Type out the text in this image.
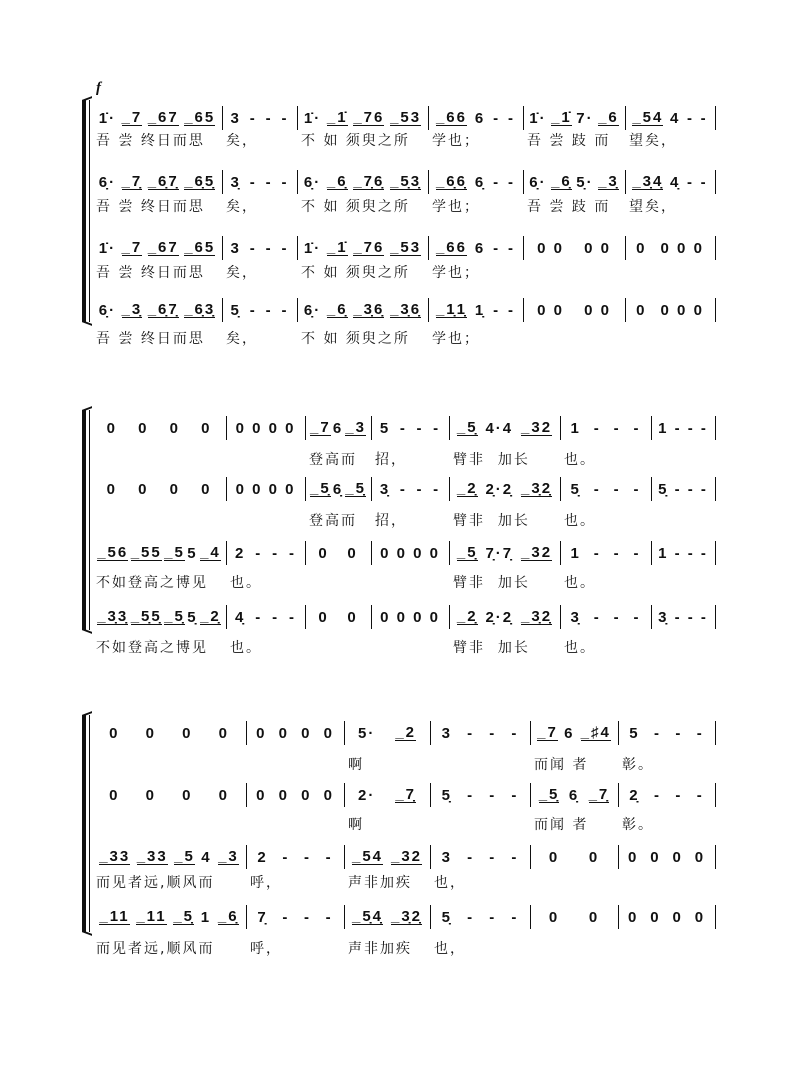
f
1̇· _7 _67 _65
吾 尝 终日而思
3 - - -
矣，
1̇· _1̇ _76 _53
不 如 须臾之所
_66 6 - -
学也；
1̇· _1̇ 7· _6
吾 尝 跂 而
_54 4 - -
望矣，
6̣· _7̣ _6̣7̣ _6̣5̣
吾 尝 终日而思
3̣ - - -
矣，
6̣· _6̣ _7̣6̣ _5̣3̣
不 如 须臾之所
_6̣6̣ 6̣ - -
学也；
6̣· _6̣ 5̣· _3̣
吾 尝 跂 而
_3̣4̣ 4̣ - -
望矣，
1̇· _7 _67 _65
吾 尝 终日而思
3 - - -
矣，
1̇· _1̇ _76 _53
不 如 须臾之所
_66 6 - -
学也；
0 0 0 0 0 0 0 0
6̣· _3̣ _6̣7̣ _6̣3̣
吾 尝 终日而思
5̣ - - -
矣，
6̣· _6̣ _3̣6̣ _3̣6̣
不 如 须臾之所
_1̣1̣ 1̣ - -
学也；
0 0 0 0 0 0 0 0
0 0 0 0 0 0 0 0 _7 6 _3
登高而
5 - - -
招，
_5̣ 4·4 _32
臂非  加长
1 - - -
也。
1 - - -
0 0 0 0 0 0 0 0 _5̣ 6̣ _5̣
登高而
3̣ - - -
招，
_2̣ 2̣·2̣ _3̣2̣
臂非  加长
5̣ - - -
也。
5̣ - - -
_56 _55 _5 5 _4
不如登高之博见
2 - - -
也。
0 0 0 0 0 0 _5̣ 7̣·7̣ _32
臂非  加长
1 - - -
也。
1 - - -
_3̣3̣ _5̣5̣ _5̣ 5̣ _2̣
不如登高之博见
4̣ - - -
也。
0 0 0 0 0 0 _2̣ 2̣·2̣ _3̣2̣
臂非  加长
3̣ - - -
也。
3̣ - - -
0 0 0 0 0 0 0 0 5· _2
啊
3 - - - _7 6 _♯4
而闻 者
5 - - -
彰。
0 0 0 0 0 0 0 0 2· _7̣
啊
5̣ - - - _5̣ 6̣ _7̣
而闻 者
2̣ - - -
彰。
_33 _33 _5 4 _3
而见者远,顺风而
2 - - -
呼，
_54 _32
声非加疾
3 - - -
也，
0 0 0 0 0 0
_11 _11 _5̣ 1 _6̣
而见者远,顺风而
7̣ - - -
呼，
_5̣4̣ _3̣2̣
声非加疾
5̣ - - -
也，
0 0 0 0 0 0
